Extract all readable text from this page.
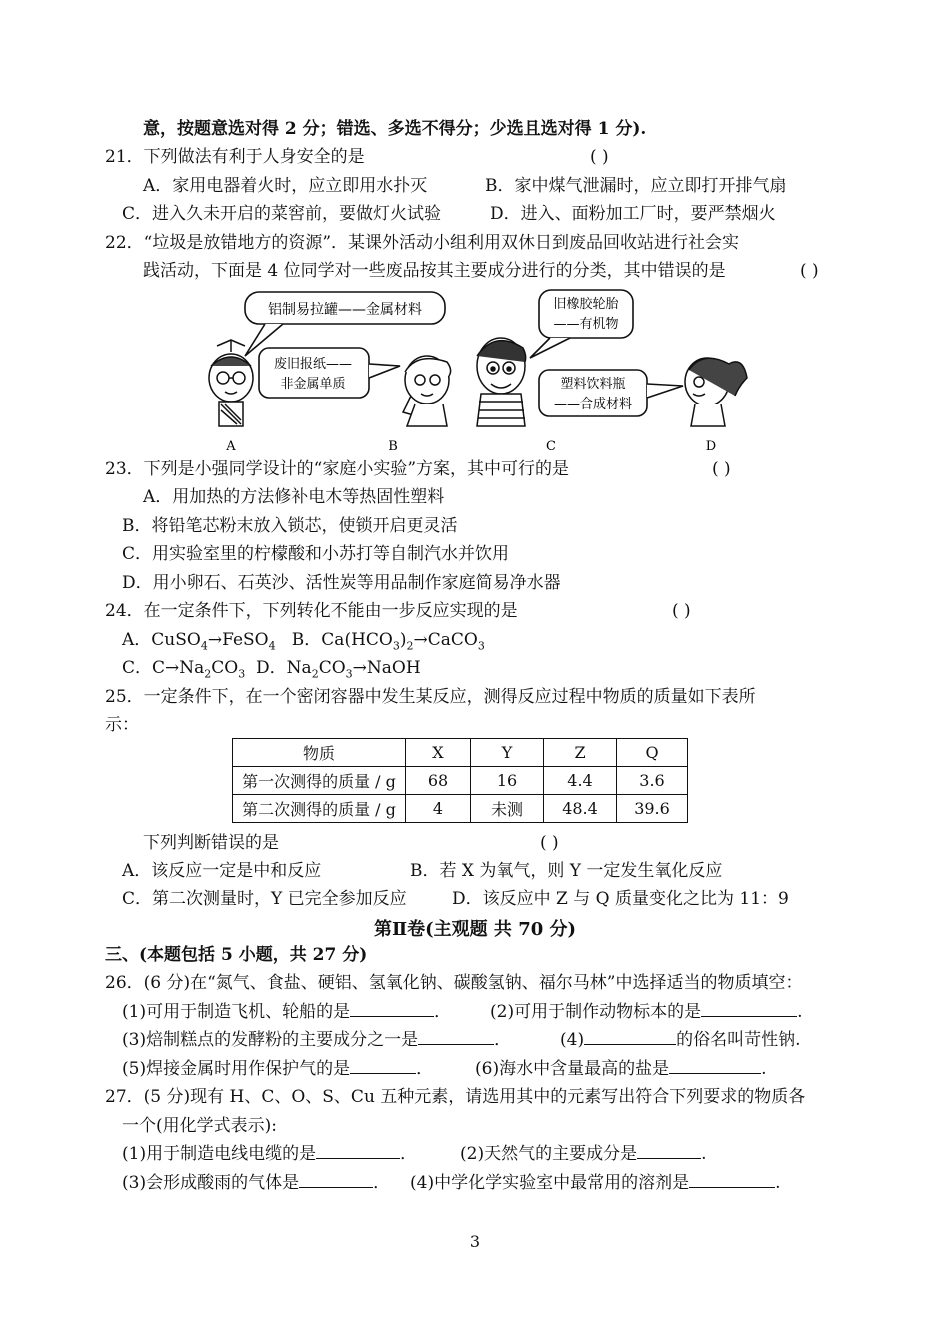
意，按题意选对得 2 分；错选、多选不得分；少选且选对得 1 分).
21．下列做法有利于人身安全的是	( )
A．家用电器着火时，应立即用水扑灭	B．家中煤气泄漏时，应立即打开排气扇
C．进入久未开启的菜窖前，要做灯火试验	D．进入、面粉加工厂时，要严禁烟火
22．“垃圾是放错地方的资源”．某课外活动小组利用双休日到废品回收站进行社会实
践活动，下面是 4 位同学对一些废品按其主要成分进行的分类，其中错误的是	( )
铝制易拉罐——金属材料
废旧报纸——
非金属单质
旧橡胶轮胎
——有机物
塑料饮料瓶
——合成材料
A	B	C	D
23．下列是小强同学设计的“家庭小实验”方案，其中可行的是	( )
A．用加热的方法修补电木等热固性塑料
B．将铅笔芯粉末放入锁芯，使锁开启更灵活
C．用实验室里的柠檬酸和小苏打等自制汽水并饮用
D．用小卵石、石英沙、活性炭等用品制作家庭简易净水器
24．在一定条件下，下列转化不能由一步反应实现的是	( )
A．CuSO$_4$→FeSO$_4$   B．$Ca(HCO_3)_2\to CaCO_3$
C．$C\to Na_2CO_3$  D．$Na_2CO_3\to NaOH$
25．一定条件下，在一个密闭容器中发生某反应，测得反应过程中物质的质量如下表所
示：
物质	X	Y	Z	Q
第一次测得的质量 / g	68	16	4.4	3.6
第二次测得的质量 / g	4	未测	48.4	39.6
下列判断错误的是	( )
A．该反应一定是中和反应	B．若 X 为氧气，则 Y 一定发生氧化反应
C．第二次测量时，Y 已完全参加反应	D．该反应中 Z 与 Q 质量变化之比为 11：9
第Ⅱ卷(主观题 共 70 分)
三、(本题包括 5 小题，共 27 分)
26．(6 分)在“氮气、食盐、硬铝、氢氧化钠、碳酸氢钠、福尔马林”中选择适当的物质填空：
(1)可用于制造飞机、轮船的是	． (2)可用于制作动物标本的是	.
(3)焙制糕点的发酵粉的主要成分之一是	．	(4)	的俗名叫苛性钠.
(5)焊接金属时用作保护气的是	． (6)海水中含量最高的盐是	.
27．(5 分)现有 H、C、O、S、Cu 五种元素，请选用其中的元素写出符合下列要求的物质各
一个(用化学式表示):
(1)用于制造电线电缆的是	．	(2)天然气的主要成分是	.
(3)会形成酸雨的气体是	． (4)中学化学实验室中最常用的溶剂是	.
3
